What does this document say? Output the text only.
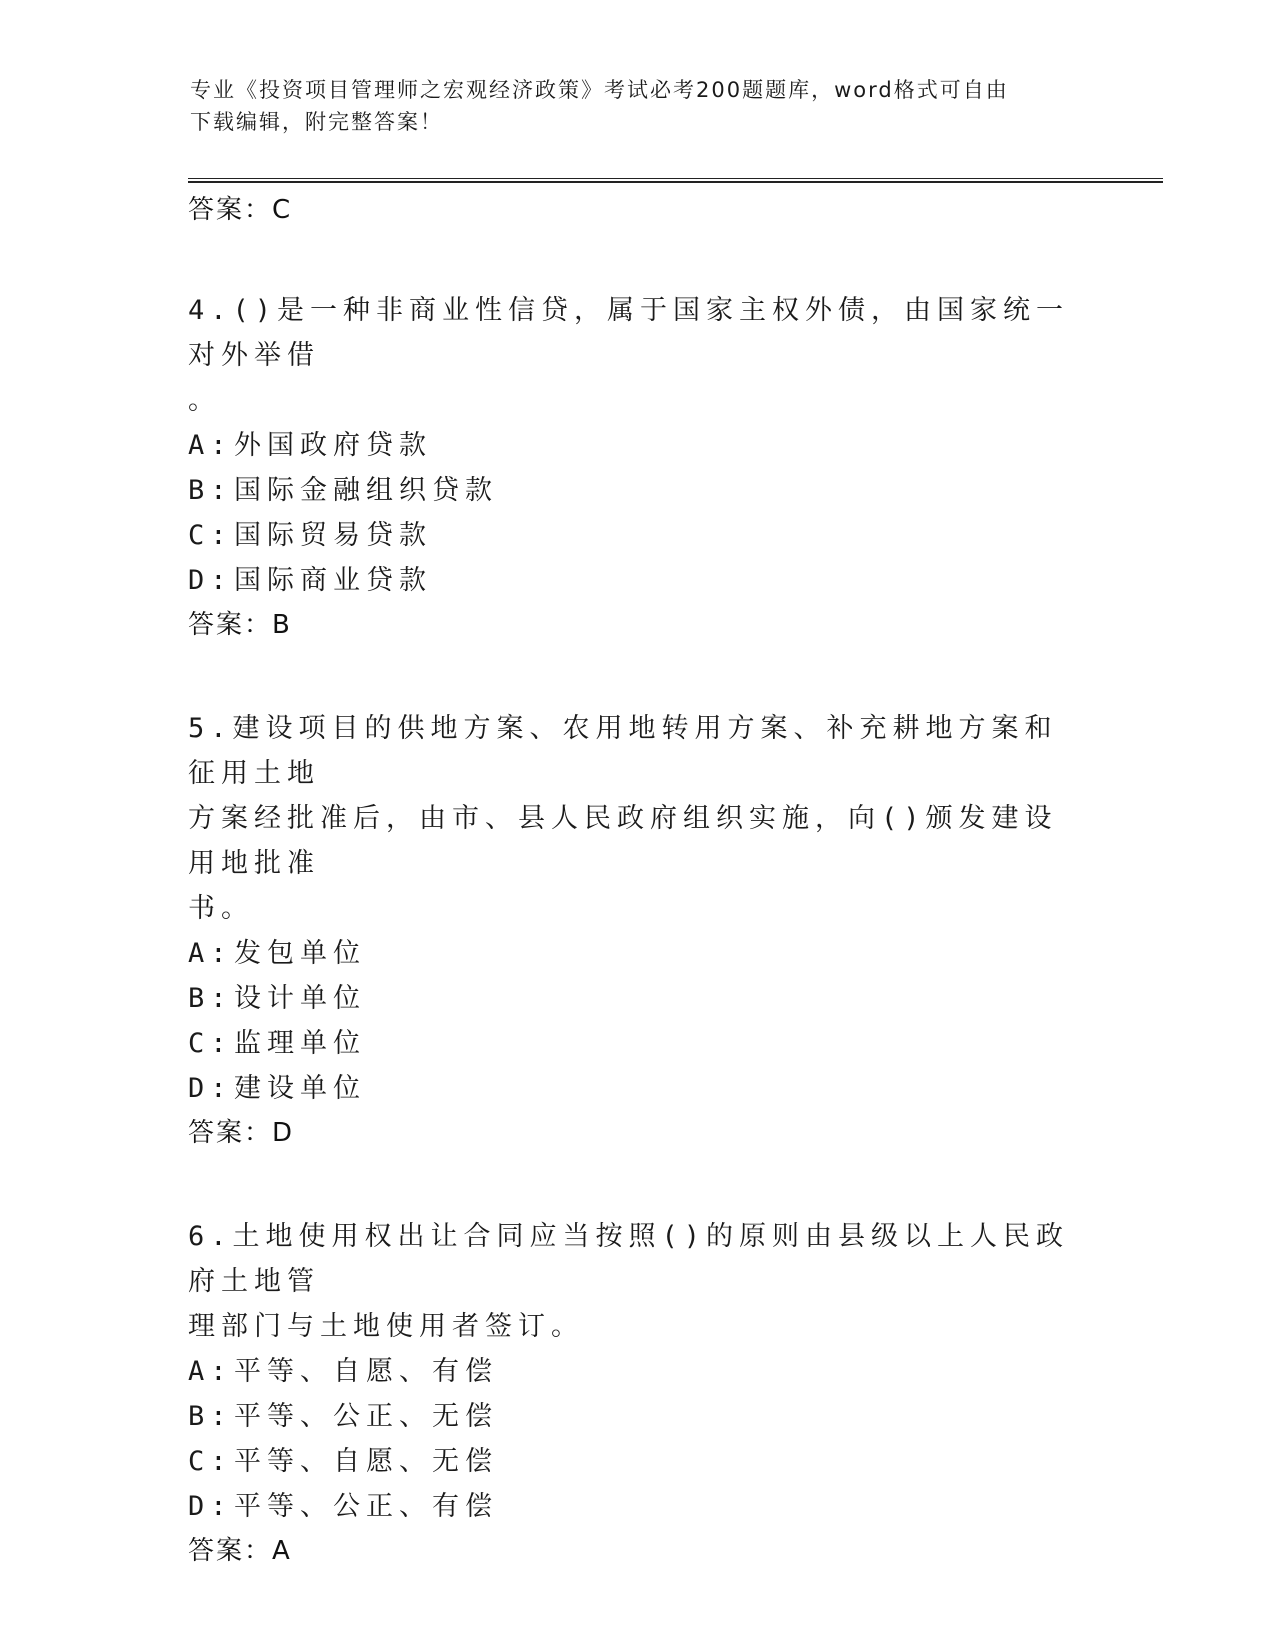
专业《投资项目管理师之宏观经济政策》考试必考200题题库，word格式可自由
下载编辑，附完整答案！

答案：C

4.()是一种非商业性信贷，属于国家主权外债，由国家统一对外举借

。

A:外国政府贷款

B:国际金融组织贷款

C:国际贸易贷款

D:国际商业贷款

答案：B

5.建设项目的供地方案、农用地转用方案、补充耕地方案和征用土地

方案经批准后，由市、县人民政府组织实施，向()颁发建设用地批准

书。

A:发包单位

B:设计单位

C:监理单位

D:建设单位

答案：D

6.土地使用权出让合同应当按照()的原则由县级以上人民政府土地管

理部门与土地使用者签订。

A:平等、自愿、有偿

B:平等、公正、无偿

C:平等、自愿、无偿

D:平等、公正、有偿

答案：A
